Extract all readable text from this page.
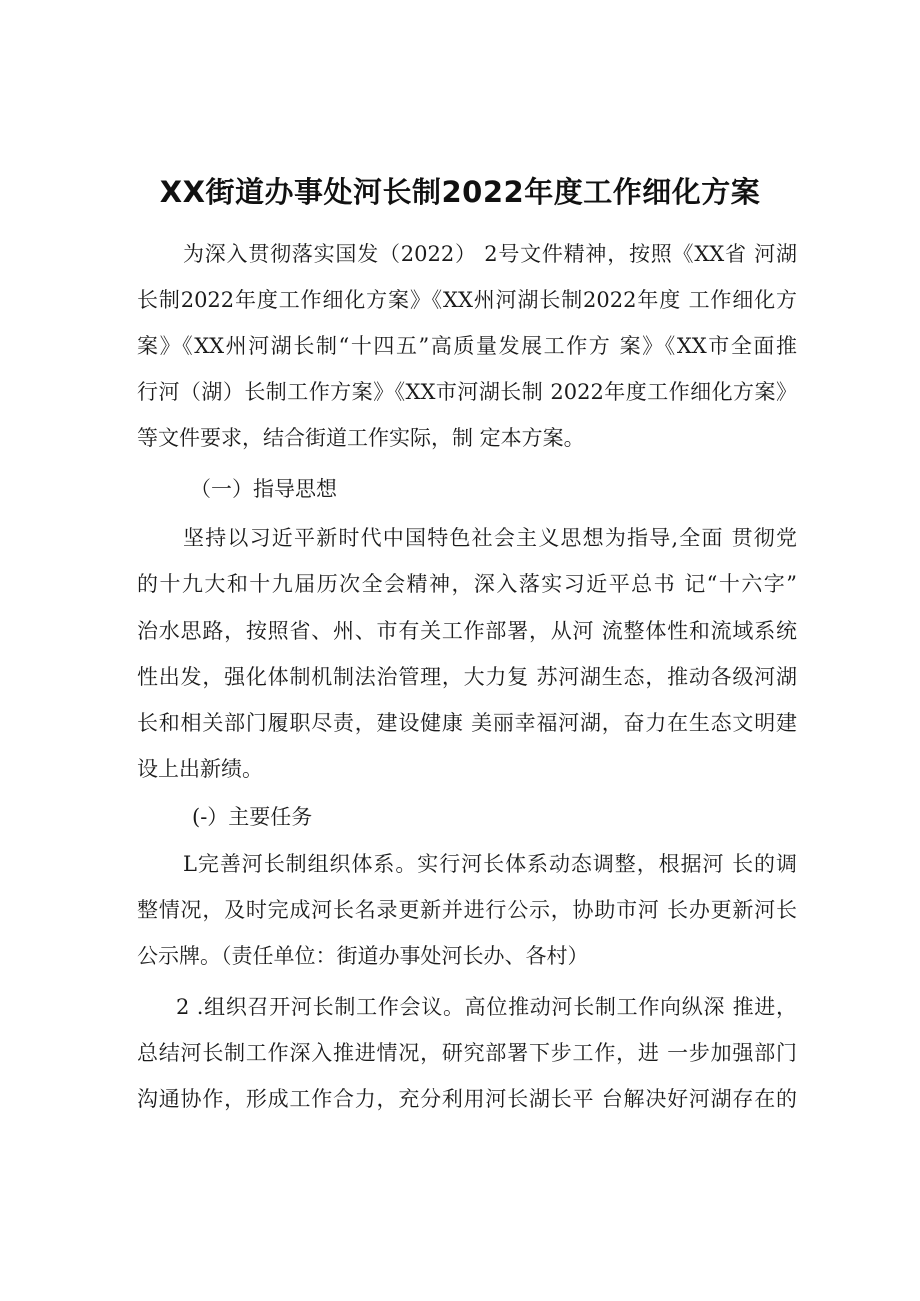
XX街道办事处河长制2022年度工作细化方案
为深入贯彻落实国发（2022） 2号文件精神，按照《XX省 河湖
长制2022年度工作细化方案》《XX州河湖长制2022年度 工作细化方
案》《XX州河湖长制“十四五”高质量发展工作方 案》《XX市全面推
行河（湖）长制工作方案》《XX市河湖长制 2022年度工作细化方案》
等文件要求，结合街道工作实际，制 定本方案。
（一）指导思想
坚持以习近平新时代中国特色社会主义思想为指导,全面 贯彻党
的十九大和十九届历次全会精神，深入落实习近平总书 记“十六字”
治水思路，按照省、州、市有关工作部署，从河 流整体性和流域系统
性出发，强化体制机制法治管理，大力复 苏河湖生态，推动各级河湖
长和相关部门履职尽责，建设健康 美丽幸福河湖，奋力在生态文明建
设上出新绩。
(-）主要任务
L完善河长制组织体系。实行河长体系动态调整，根据河 长的调
整情况，及时完成河长名录更新并进行公示，协助市河 长办更新河长
公示牌。（责任单位：街道办事处河长办、各村）
2 .组织召开河长制工作会议。高位推动河长制工作向纵深 推进，
总结河长制工作深入推进情况，研究部署下步工作，进 一步加强部门
沟通协作，形成工作合力，充分利用河长湖长平 台解决好河湖存在的
